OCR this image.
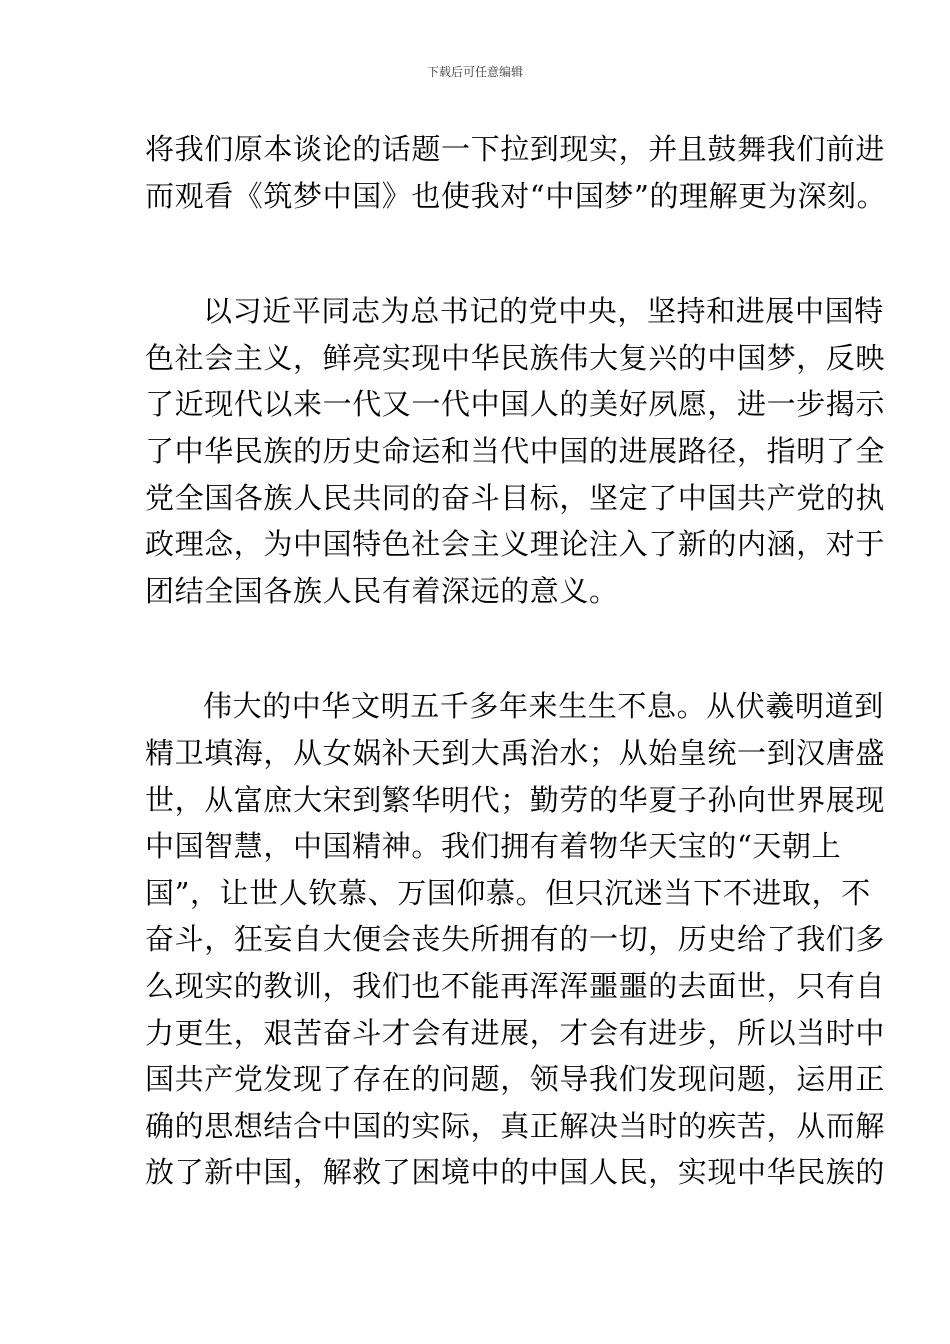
下载后可任意编辑
将我们原本谈论的话题一下拉到现实，并且鼓舞我们前进
而观看《筑梦中国》也使我对“中国梦”的理解更为深刻。
以习近平同志为总书记的党中央，坚持和进展中国特
色社会主义，鲜亮实现中华民族伟大复兴的中国梦，反映
了近现代以来一代又一代中国人的美好夙愿，进一步揭示
了中华民族的历史命运和当代中国的进展路径，指明了全
党全国各族人民共同的奋斗目标，坚定了中国共产党的执
政理念，为中国特色社会主义理论注入了新的内涵，对于
团结全国各族人民有着深远的意义。
伟大的中华文明五千多年来生生不息。从伏羲明道到
精卫填海，从女娲补天到大禹治水；从始皇统一到汉唐盛
世，从富庶大宋到繁华明代；勤劳的华夏子孙向世界展现
中国智慧，中国精神。我们拥有着物华天宝的“天朝上
国”，让世人钦慕、万国仰慕。但只沉迷当下不进取，不
奋斗，狂妄自大便会丧失所拥有的一切，历史给了我们多
么现实的教训，我们也不能再浑浑噩噩的去面世，只有自
力更生，艰苦奋斗才会有进展，才会有进步，所以当时中
国共产党发现了存在的问题，领导我们发现问题，运用正
确的思想结合中国的实际，真正解决当时的疾苦，从而解
放了新中国，解救了困境中的中国人民，实现中华民族的
